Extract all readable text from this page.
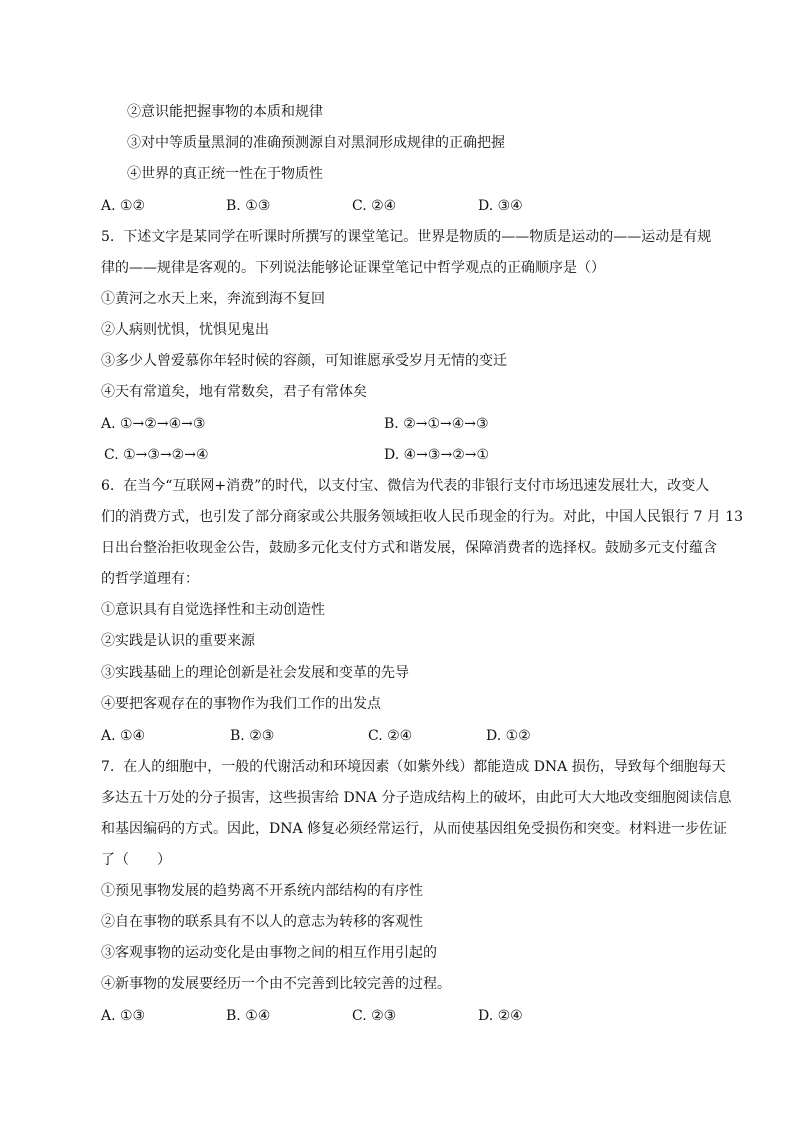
②意识能把握事物的本质和规律
③对中等质量黑洞的准确预测源自对黑洞形成规律的正确把握
④世界的真正统一性在于物质性
A. ①②	B. ①③	C. ②④	D. ③④
5.  下述文字是某同学在听课时所撰写的课堂笔记。世界是物质的——物质是运动的——运动是有规
律的——规律是客观的。下列说法能够论证课堂笔记中哲学观点的正确顺序是（）
①黄河之水天上来，奔流到海不复回
②人病则忧惧，忧惧见鬼出
③多少人曾爱慕你年轻时候的容颜，可知谁愿承受岁月无情的变迁
④天有常道矣，地有常数矣，君子有常体矣
A. ①→②→④→③	B. ②→①→④→③
C. ①→③→②→④	D. ④→③→②→①
6.  在当今“互联网+消费”的时代，以支付宝、微信为代表的非银行支付市场迅速发展壮大，改变人
们的消费方式，也引发了部分商家或公共服务领域拒收人民币现金的行为。对此，中国人民银行 7 月 13
日出台整治拒收现金公告，鼓励多元化支付方式和谐发展，保障消费者的选择权。鼓励多元支付蕴含
的哲学道理有：
①意识具有自觉选择性和主动创造性
②实践是认识的重要来源
③实践基础上的理论创新是社会发展和变革的先导
④要把客观存在的事物作为我们工作的出发点
A. ①④	B. ②③	C. ②④	D. ①②
7.  在人的细胞中，一般的代谢活动和环境因素（如紫外线）都能造成 DNA 损伤，导致每个细胞每天
多达五十万处的分子损害，这些损害给 DNA 分子造成结构上的破坏，由此可大大地改变细胞阅读信息
和基因编码的方式。因此，DNA 修复必须经常运行，从而使基因组免受损伤和突变。材料进一步佐证
了（　　）
①预见事物发展的趋势离不开系统内部结构的有序性
②自在事物的联系具有不以人的意志为转移的客观性
③客观事物的运动变化是由事物之间的相互作用引起的
④新事物的发展要经历一个由不完善到比较完善的过程。
A. ①③	B. ①④	C. ②③	D. ②④
